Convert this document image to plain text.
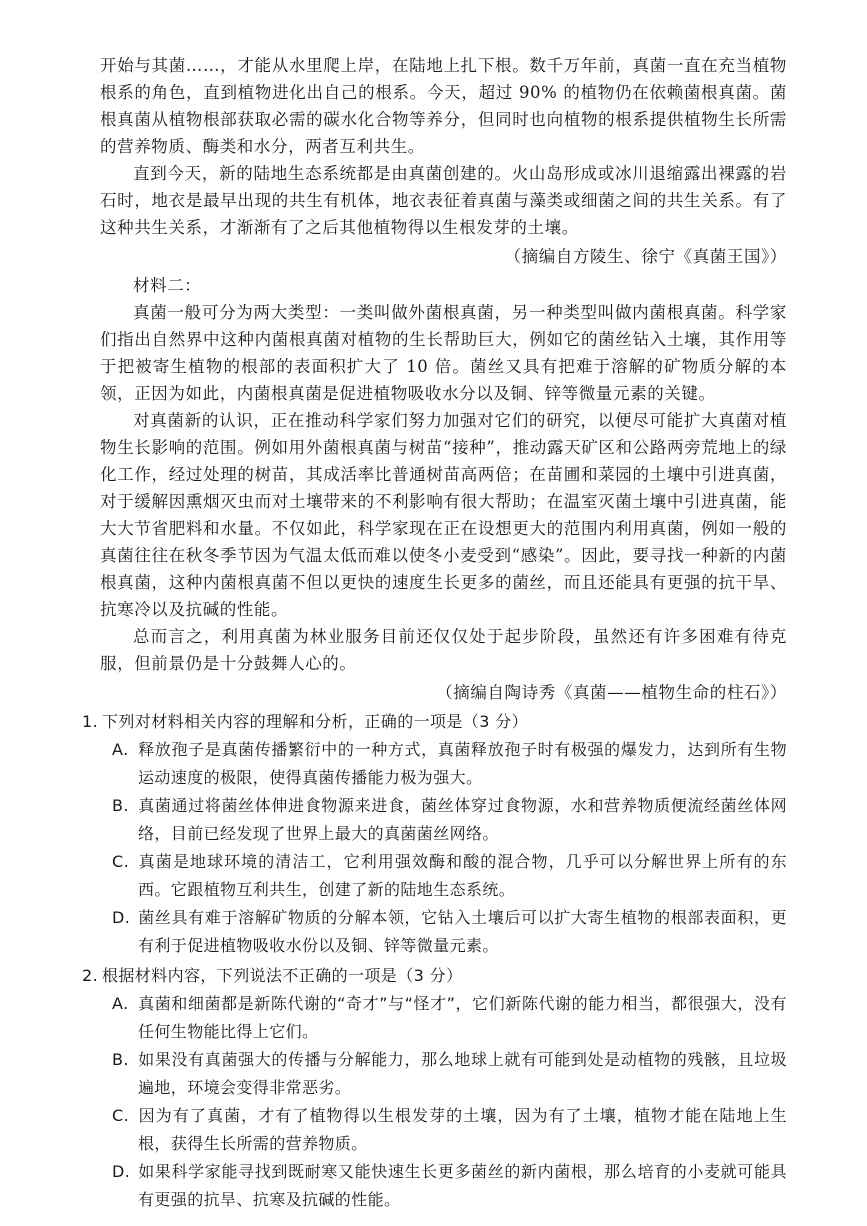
开始与其菌……，才能从水里爬上岸，在陆地上扎下根。数千万年前，真菌一直在充当植物根系的角色，直到植物进化出自己的根系。今天，超过 90% 的植物仍在依赖菌根真菌。菌根真菌从植物根部获取必需的碳水化合物等养分，但同时也向植物的根系提供植物生长所需的营养物质、酶类和水分，两者互利共生。

直到今天，新的陆地生态系统都是由真菌创建的。火山岛形成或冰川退缩露出裸露的岩石时，地衣是最早出现的共生有机体，地衣表征着真菌与藻类或细菌之间的共生关系。有了这种共生关系，才渐渐有了之后其他植物得以生根发芽的土壤。

（摘编自方陵生、徐宁《真菌王国》）

材料二：

真菌一般可分为两大类型：一类叫做外菌根真菌，另一种类型叫做内菌根真菌。科学家们指出自然界中这种内菌根真菌对植物的生长帮助巨大，例如它的菌丝钻入土壤，其作用等于把被寄生植物的根部的表面积扩大了 10 倍。菌丝又具有把难于溶解的矿物质分解的本领，正因为如此，内菌根真菌是促进植物吸收水分以及铜、锌等微量元素的关键。

对真菌新的认识，正在推动科学家们努力加强对它们的研究，以便尽可能扩大真菌对植物生长影响的范围。例如用外菌根真菌与树苗“接种”，推动露天矿区和公路两旁荒地上的绿化工作，经过处理的树苗，其成活率比普通树苗高两倍；在苗圃和菜园的土壤中引进真菌，对于缓解因熏烟灭虫而对土壤带来的不利影响有很大帮助；在温室灭菌土壤中引进真菌，能大大节省肥料和水量。不仅如此，科学家现在正在设想更大的范围内利用真菌，例如一般的真菌往往在秋冬季节因为气温太低而难以使冬小麦受到“感染”。因此，要寻找一种新的内菌根真菌，这种内菌根真菌不但以更快的速度生长更多的菌丝，而且还能具有更强的抗干旱、抗寒冷以及抗碱的性能。

总而言之，利用真菌为林业服务目前还仅仅处于起步阶段，虽然还有许多困难有待克服，但前景仍是十分鼓舞人心的。

（摘编自陶诗秀《真菌——植物生命的柱石》）

1. 下列对材料相关内容的理解和分析，正确的一项是（3 分）

A. 释放孢子是真菌传播繁衍中的一种方式，真菌释放孢子时有极强的爆发力，达到所有生物运动速度的极限，使得真菌传播能力极为强大。
B. 真菌通过将菌丝体伸进食物源来进食，菌丝体穿过食物源，水和营养物质便流经菌丝体网络，目前已经发现了世界上最大的真菌菌丝网络。
C. 真菌是地球环境的清洁工，它利用强效酶和酸的混合物，几乎可以分解世界上所有的东西。它跟植物互利共生，创建了新的陆地生态系统。
D. 菌丝具有难于溶解矿物质的分解本领，它钻入土壤后可以扩大寄生植物的根部表面积，更有利于促进植物吸收水份以及铜、锌等微量元素。

2. 根据材料内容，下列说法不正确的一项是（3 分）

A. 真菌和细菌都是新陈代谢的“奇才”与“怪才”，它们新陈代谢的能力相当，都很强大，没有任何生物能比得上它们。
B. 如果没有真菌强大的传播与分解能力，那么地球上就有可能到处是动植物的残骸，且垃圾遍地，环境会变得非常恶劣。
C. 因为有了真菌，才有了植物得以生根发芽的土壤，因为有了土壤，植物才能在陆地上生根，获得生长所需的营养物质。
D. 如果科学家能寻找到既耐寒又能快速生长更多菌丝的新内菌根，那么培育的小麦就可能具有更强的抗旱、抗寒及抗碱的性能。
